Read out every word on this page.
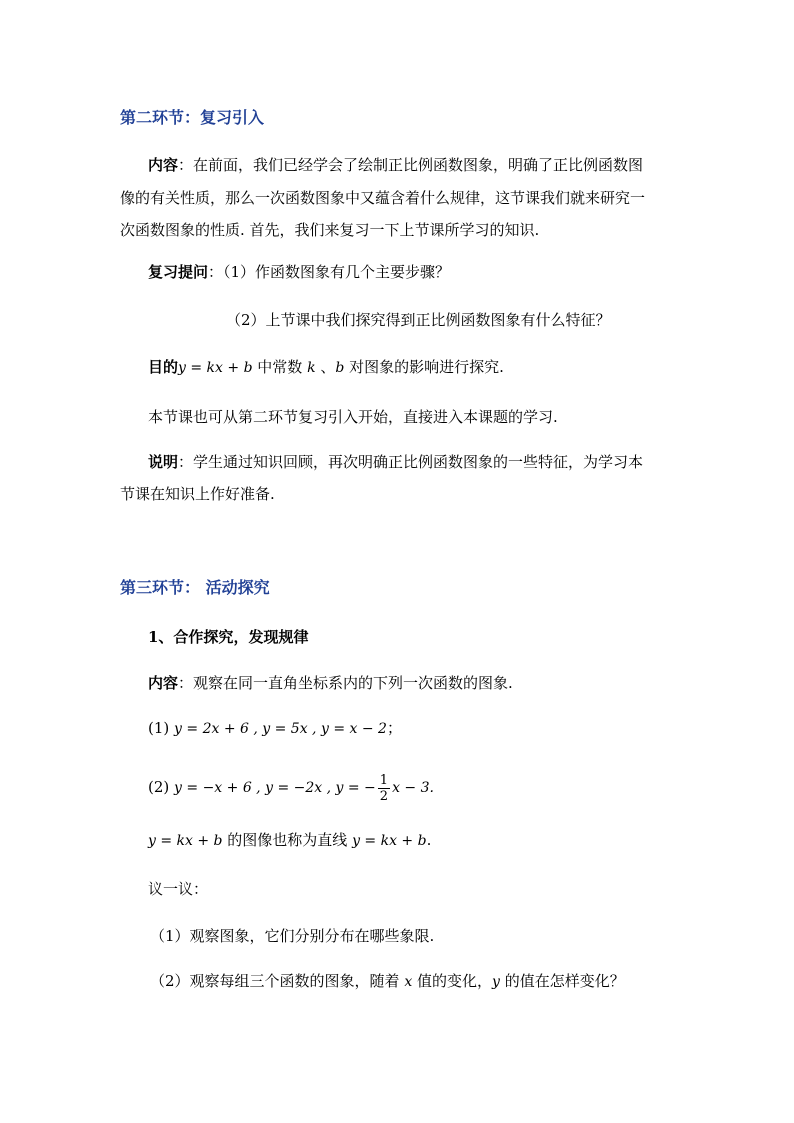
第二环节：复习引入
内容：在前面，我们已经学会了绘制正比例函数图象，明确了正比例函数图
像的有关性质，那么一次函数图象中又蕴含着什么规律，这节课我们就来研究一
次函数图象的性质. 首先，我们来复习一下上节课所学习的知识.
复习提问：（1）作函数图象有几个主要步骤？
（2）上节课中我们探究得到正比例函数图象有什么特征？
目的y = kx + b 中常数 k 、b 对图象的影响进行探究.
本节课也可从第二环节复习引入开始，直接进入本课题的学习.
说明：学生通过知识回顾，再次明确正比例函数图象的一些特征，为学习本
节课在知识上作好准备.
第三环节： 活动探究
1、合作探究，发现规律
内容：观察在同一直角坐标系内的下列一次函数的图象.
(1) y = 2x + 6 , y = 5x , y = x − 2；
(2) y = −x + 6 , y = −2x , y = − $\frac{1}{2}$ x − 3.
y = kx + b 的图像也称为直线 y = kx + b.
议一议：
（1）观察图象，它们分别分布在哪些象限.
（2）观察每组三个函数的图象，随着 x 值的变化，y 的值在怎样变化？
